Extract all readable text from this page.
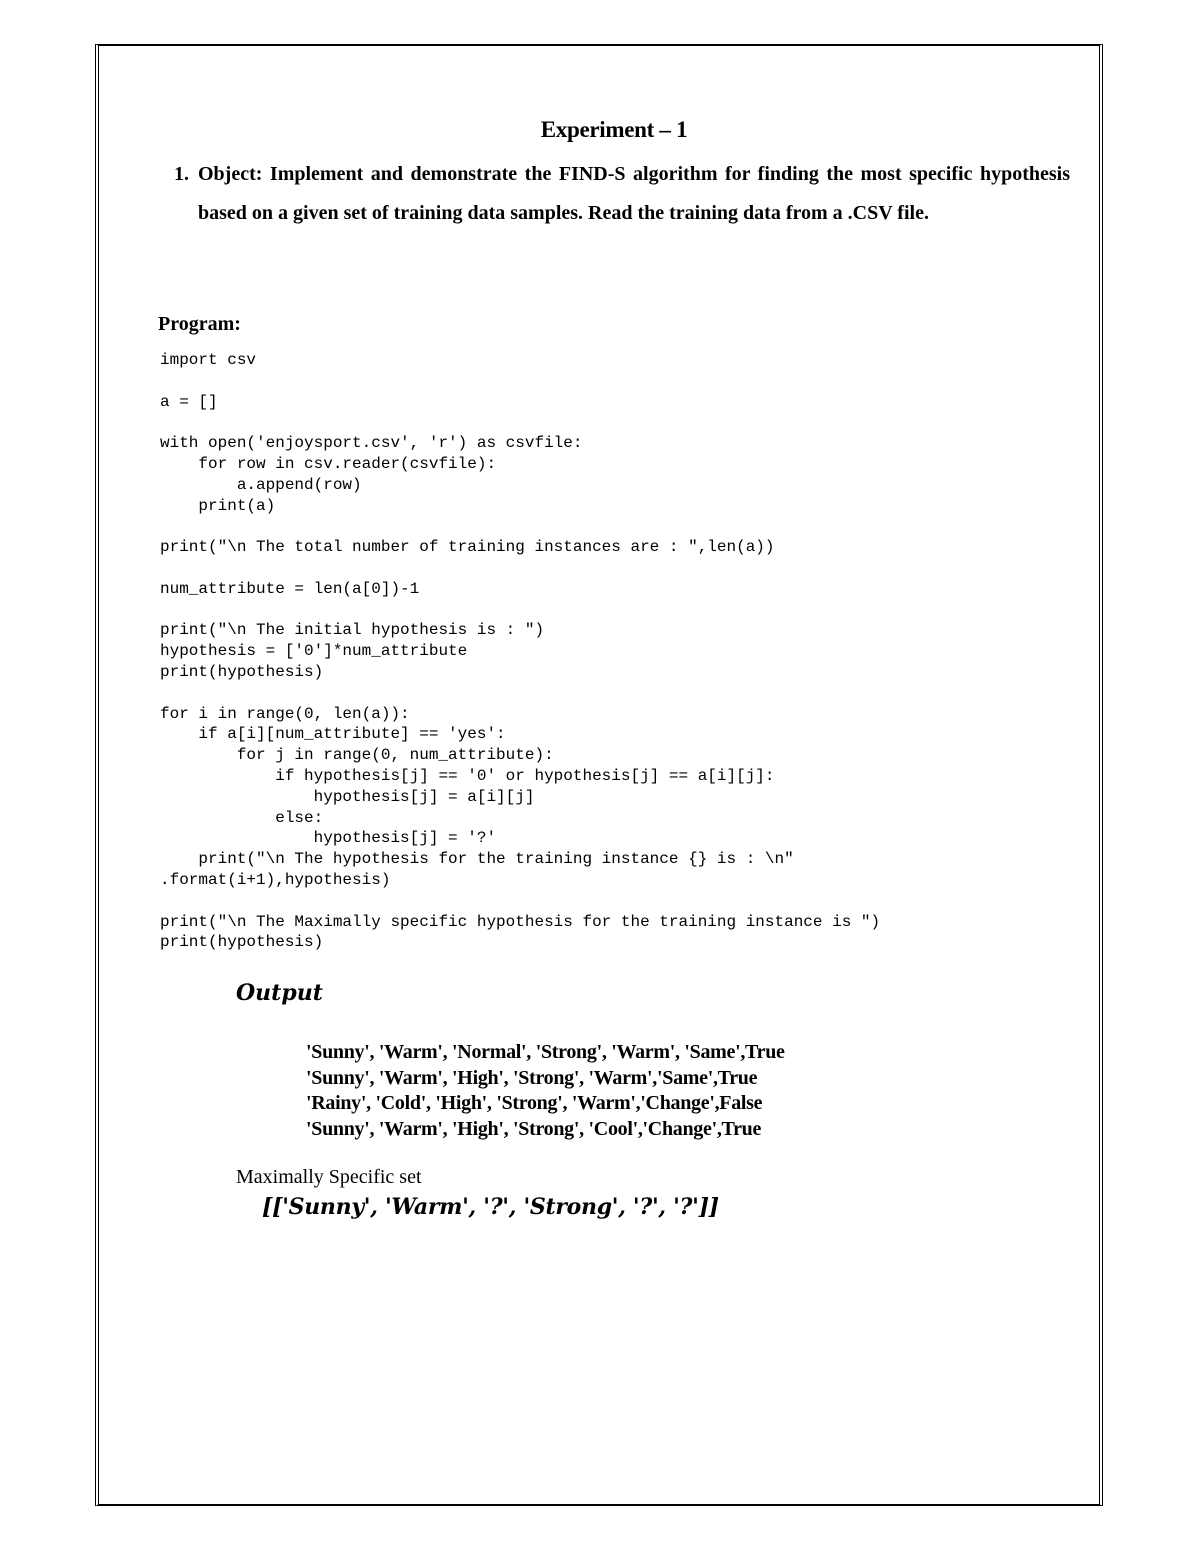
Experiment – 1
1. Object: Implement and demonstrate the FIND-S algorithm for finding the most specific hypothesis based on a given set of training data samples. Read the training data from a .CSV file.
Program:
import csv
a = []
with open('enjoysport.csv', 'r') as csvfile:
for row in csv.reader(csvfile):
a.append(row)
print(a)
print("\n The total number of training instances are : ",len(a))
num_attribute = len(a[0])-1
print("\n The initial hypothesis is : ")
hypothesis = ['0']*num_attribute
print(hypothesis)
for i in range(0, len(a)):
if a[i][num_attribute] == 'yes':
for j in range(0, num_attribute):
if hypothesis[j] == '0' or hypothesis[j] == a[i][j]:
hypothesis[j] = a[i][j]
else:
hypothesis[j] = '?'
print("\n The hypothesis for the training instance {} is : \n"
.format(i+1),hypothesis)
print("\n The Maximally specific hypothesis for the training instance is ")
print(hypothesis)
Output
'Sunny', 'Warm', 'Normal', 'Strong', 'Warm', 'Same',True
'Sunny', 'Warm', 'High', 'Strong', 'Warm','Same',True
'Rainy', 'Cold', 'High', 'Strong', 'Warm','Change',False
'Sunny', 'Warm', 'High', 'Strong', 'Cool','Change',True
Maximally Specific set
[['Sunny', 'Warm', '?', 'Strong', '?', '?']]
